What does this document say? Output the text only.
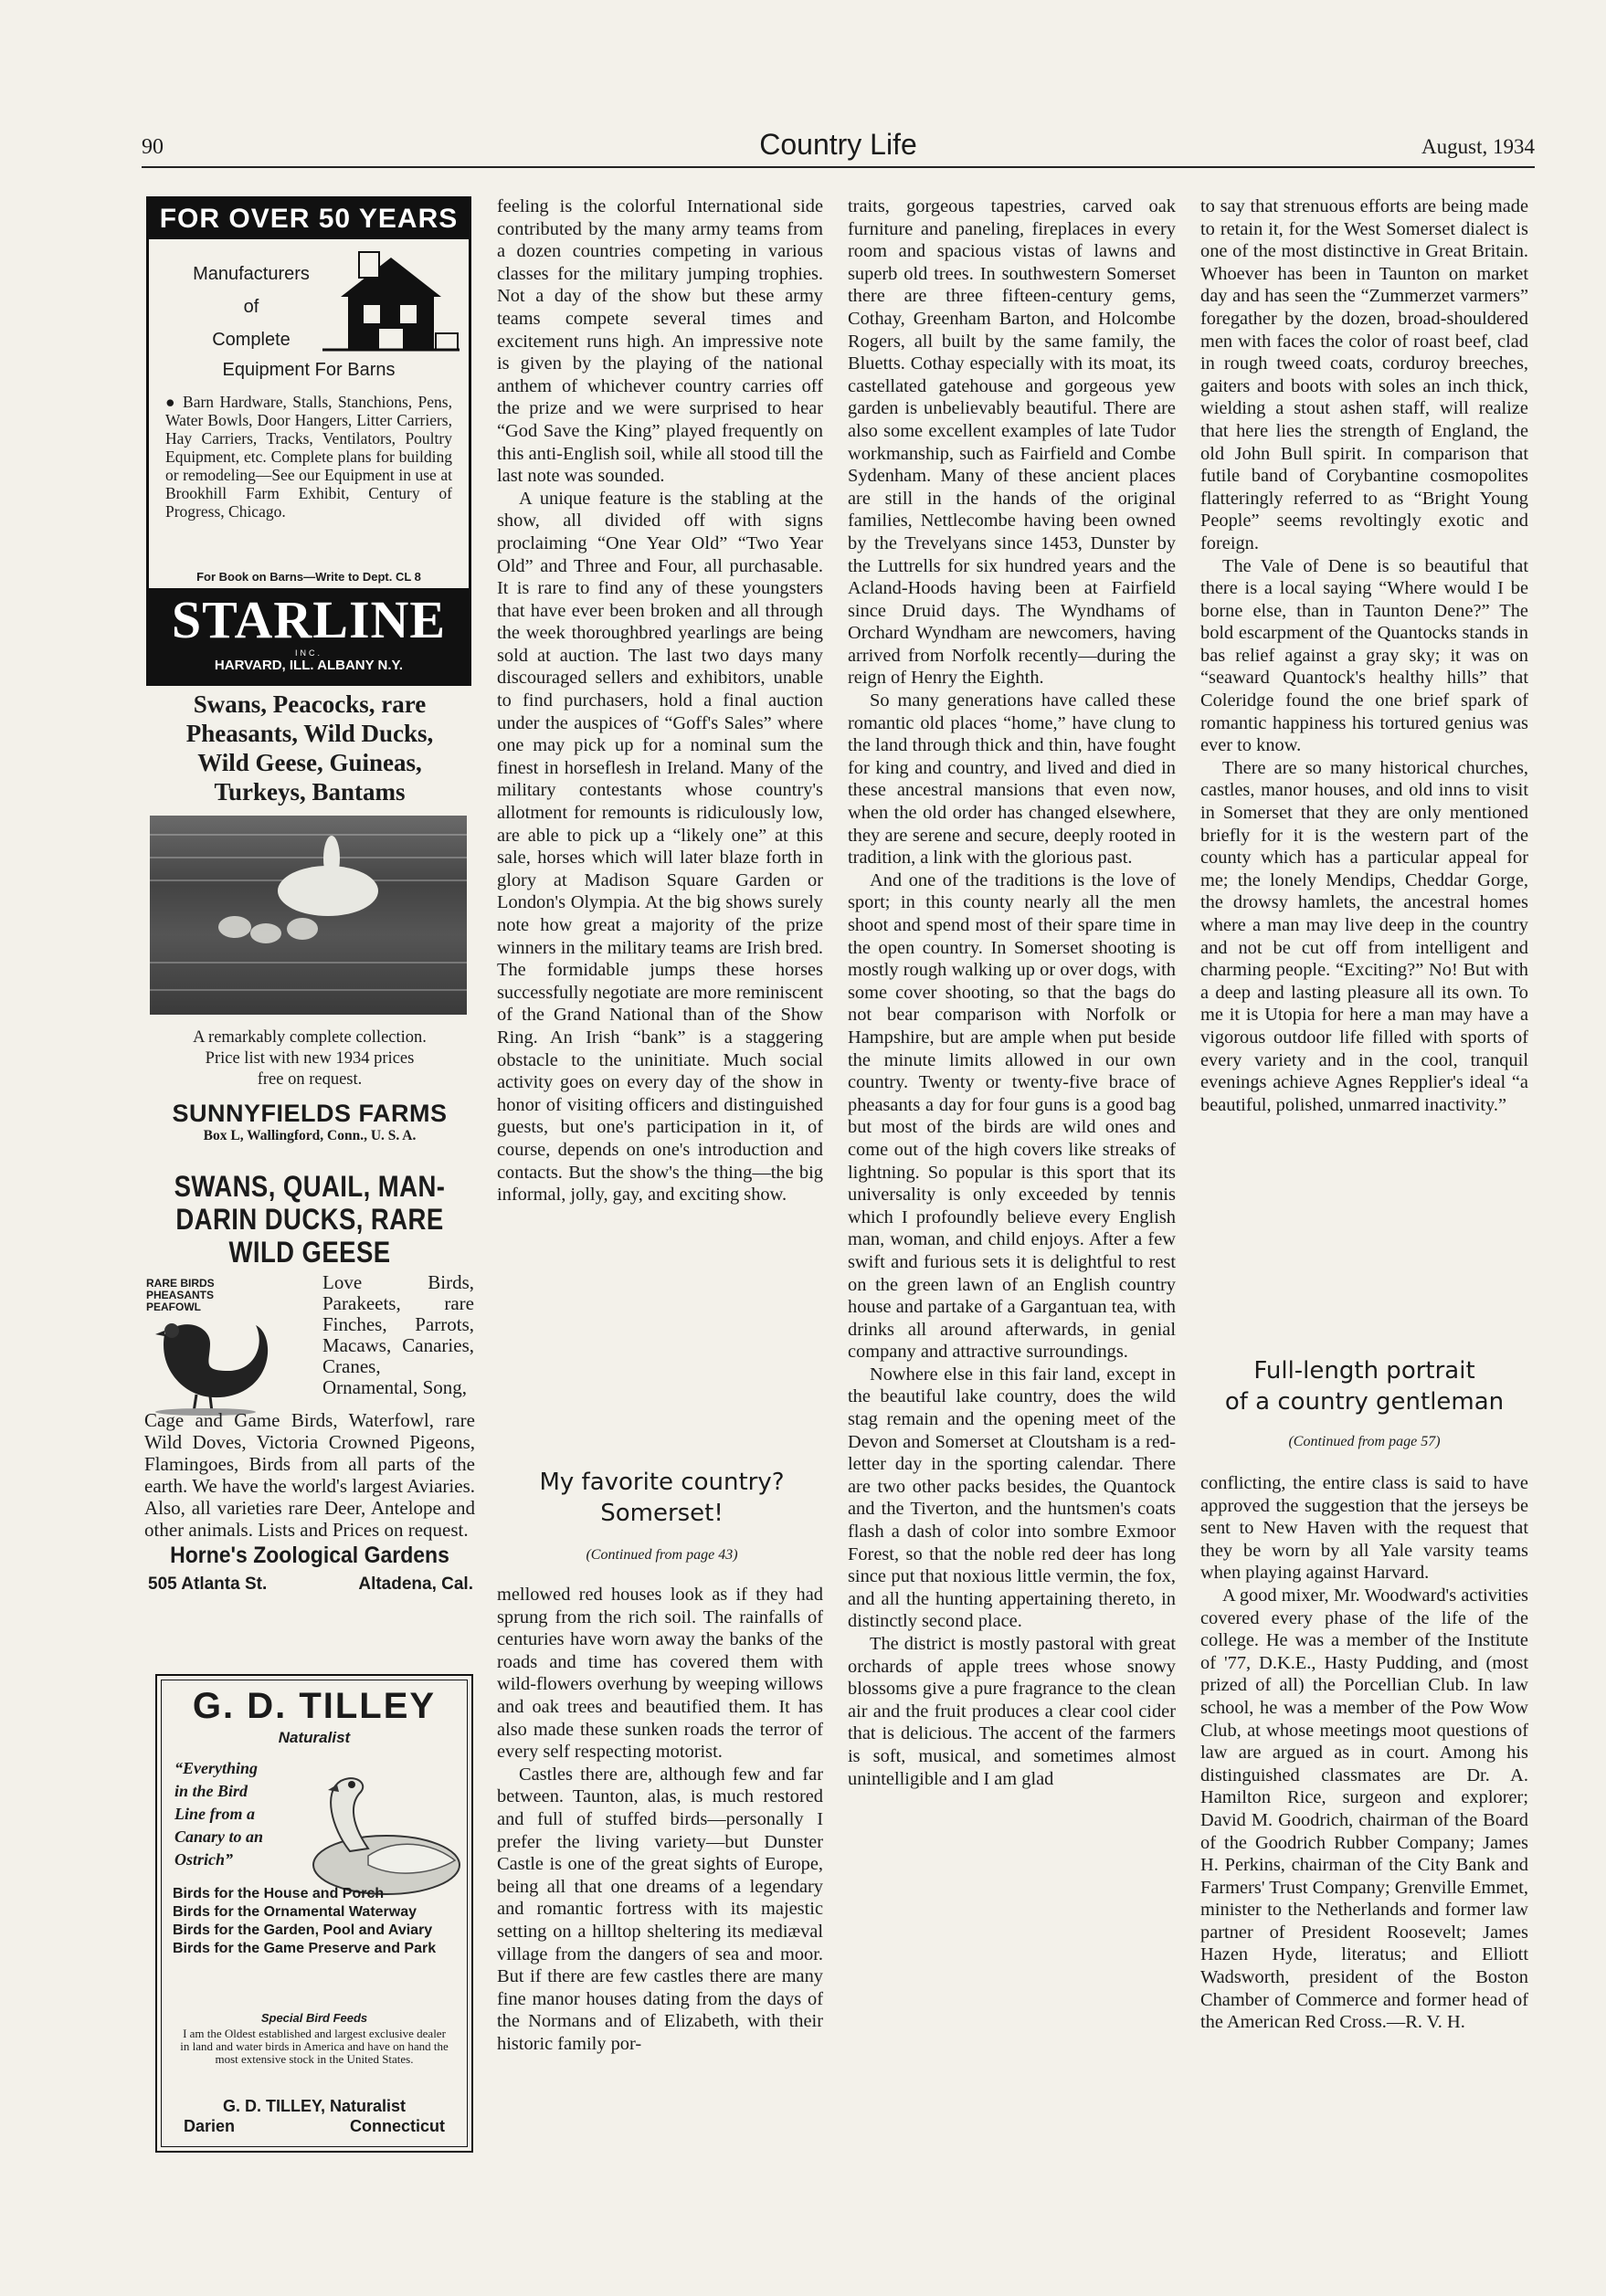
90	Country Life	August, 1934
FOR OVER 50 YEARS
Manufacturers
of
Complete
Equipment For Barns
● Barn Hardware, Stalls, Stanchions, Pens, Water Bowls, Door Hangers, Litter Carriers, Hay Carriers, Tracks, Ventilators, Poultry Equipment, etc. Complete plans for building or remodeling—See our Equipment in use at Brookhill Farm Exhibit, Century of Progress, Chicago.
For Book on Barns—Write to Dept. CL 8
STARLINE
INC.
HARVARD, ILL. ALBANY N.Y.
Swans, Peacocks, rare
Pheasants, Wild Ducks,
Wild Geese, Guineas,
Turkeys, Bantams
A remarkably complete collection.
Price list with new 1934 prices
free on request.
SUNNYFIELDS FARMS
Box L, Wallingford, Conn., U. S. A.
SWANS, QUAIL, MAN-
DARIN DUCKS, RARE
WILD GEESE
RARE BIRDS
PHEASANTS
PEAFOWL
Love Birds, Parakeets, rare Finches, Parrots, Macaws, Canaries, Cranes, Ornamental, Song,
Cage and Game Birds, Waterfowl, rare Wild Doves, Victoria Crowned Pigeons, Flamingoes, Birds from all parts of the earth. We have the world's largest Aviaries. Also, all varieties rare Deer, Antelope and other animals. Lists and Prices on request.
Horne's Zoological Gardens
505 Atlanta St.	Altadena, Cal.
G. D. TILLEY
Naturalist
“Everything
in the Bird
Line from a
Canary to an
Ostrich”
Birds for the House and Porch
Birds for the Ornamental Waterway
Birds for the Garden, Pool and Aviary
Birds for the Game Preserve and Park
Special Bird Feeds
I am the Oldest established and largest exclusive dealer in land and water birds in America and have on hand the most extensive stock in the United States.
G. D. TILLEY, Naturalist
Darien	Connecticut

feeling is the colorful International side contributed by the many army teams from a dozen countries competing in various classes for the military jumping trophies. Not a day of the show but these army teams compete several times and excitement runs high. An impressive note is given by the playing of the national anthem of whichever country carries off the prize and we were surprised to hear “God Save the King” played frequently on this anti-English soil, while all stood till the last note was sounded.

A unique feature is the stabling at the show, all divided off with signs proclaiming “One Year Old” “Two Year Old” and Three and Four, all purchasable. It is rare to find any of these youngsters that have ever been broken and all through the week thoroughbred yearlings are being sold at auction. The last two days many discouraged sellers and exhibitors, unable to find purchasers, hold a final auction under the auspices of “Goff's Sales” where one may pick up for a nominal sum the finest in horseflesh in Ireland. Many of the military contestants whose country's allotment for remounts is ridiculously low, are able to pick up a “likely one” at this sale, horses which will later blaze forth in glory at Madison Square Garden or London's Olympia. At the big shows surely note how great a majority of the prize winners in the military teams are Irish bred. The formidable jumps these horses successfully negotiate are more reminiscent of the Grand National than of the Show Ring. An Irish “bank” is a staggering obstacle to the uninitiate. Much social activity goes on every day of the show in honor of visiting officers and distinguished guests, but one's participation in it, of course, depends on one's introduction and contacts. But the show's the thing—the big informal, jolly, gay, and exciting show.

My favorite country?
Somerset!
(Continued from page 43)

mellowed red houses look as if they had sprung from the rich soil. The rainfalls of centuries have worn away the banks of the roads and time has covered them with wild-flowers overhung by weeping willows and oak trees and beautified them. It has also made these sunken roads the terror of every self respecting motorist.

Castles there are, although few and far between. Taunton, alas, is much restored and full of stuffed birds—personally I prefer the living variety—but Dunster Castle is one of the great sights of Europe, being all that one dreams of a legendary and romantic fortress with its majestic setting on a hilltop sheltering its mediæval village from the dangers of sea and moor. But if there are few castles there are many fine manor houses dating from the days of the Normans and of Elizabeth, with their historic family por-

traits, gorgeous tapestries, carved oak furniture and paneling, fireplaces in every room and spacious vistas of lawns and superb old trees. In southwestern Somerset there are three fifteen-century gems, Cothay, Greenham Barton, and Holcombe Rogers, all built by the same family, the Bluetts. Cothay especially with its moat, its castellated gatehouse and gorgeous yew garden is unbelievably beautiful. There are also some excellent examples of late Tudor workmanship, such as Fairfield and Combe Sydenham. Many of these ancient places are still in the hands of the original families, Nettlecombe having been owned by the Trevelyans since 1453, Dunster by the Luttrells for six hundred years and the Acland-Hoods having been at Fairfield since Druid days. The Wyndhams of Orchard Wyndham are newcomers, having arrived from Norfolk recently—during the reign of Henry the Eighth.

So many generations have called these romantic old places “home,” have clung to the land through thick and thin, have fought for king and country, and lived and died in these ancestral mansions that even now, when the old order has changed elsewhere, they are serene and secure, deeply rooted in tradition, a link with the glorious past.

And one of the traditions is the love of sport; in this county nearly all the men shoot and spend most of their spare time in the open country. In Somerset shooting is mostly rough walking up or over dogs, with some cover shooting, so that the bags do not bear comparison with Norfolk or Hampshire, but are ample when put beside the minute limits allowed in our own country. Twenty or twenty-five brace of pheasants a day for four guns is a good bag but most of the birds are wild ones and come out of the high covers like streaks of lightning. So popular is this sport that its universality is only exceeded by tennis which I profoundly believe every English man, woman, and child enjoys. After a few swift and furious sets it is delightful to rest on the green lawn of an English country house and partake of a Gargantuan tea, with drinks all around afterwards, in genial company and attractive surroundings.

Nowhere else in this fair land, except in the beautiful lake country, does the wild stag remain and the opening meet of the Devon and Somerset at Cloutsham is a red-letter day in the sporting calendar. There are two other packs besides, the Quantock and the Tiverton, and the huntsmen's coats flash a dash of color into sombre Exmoor Forest, so that the noble red deer has long since put that noxious little vermin, the fox, and all the hunting appertaining thereto, in distinctly second place.

The district is mostly pastoral with great orchards of apple trees whose snowy blossoms give a pure fragrance to the clean air and the fruit produces a clear cool cider that is delicious. The accent of the farmers is soft, musical, and sometimes almost unintelligible and I am glad

to say that strenuous efforts are being made to retain it, for the West Somerset dialect is one of the most distinctive in Great Britain. Whoever has been in Taunton on market day and has seen the “Zummerzet varmers” foregather by the dozen, broad-shouldered men with faces the color of roast beef, clad in rough tweed coats, corduroy breeches, gaiters and boots with soles an inch thick, wielding a stout ashen staff, will realize that here lies the strength of England, the old John Bull spirit. In comparison that futile band of Corybantine cosmopolites flatteringly referred to as “Bright Young People” seems revoltingly exotic and foreign.

The Vale of Dene is so beautiful that there is a local saying “Where would I be borne else, than in Taunton Dene?” The bold escarpment of the Quantocks stands in bas relief against a gray sky; it was on “seaward Quantock's healthy hills” that Coleridge found the one brief spark of romantic happiness his tortured genius was ever to know.

There are so many historical churches, castles, manor houses, and old inns to visit in Somerset that they are only mentioned briefly for it is the western part of the county which has a particular appeal for me; the lonely Mendips, Cheddar Gorge, the drowsy hamlets, the ancestral homes where a man may live deep in the country and not be cut off from intelligent and charming people. “Exciting?” No! But with a deep and lasting pleasure all its own. To me it is Utopia for here a man may have a vigorous outdoor life filled with sports of every variety and in the cool, tranquil evenings achieve Agnes Repplier's ideal “a beautiful, polished, unmarred inactivity.”

Full-length portrait
of a country gentleman
(Continued from page 57)

conflicting, the entire class is said to have approved the suggestion that the jerseys be sent to New Haven with the request that they be worn by all Yale varsity teams when playing against Harvard.

A good mixer, Mr. Woodward's activities covered every phase of the life of the college. He was a member of the Institute of '77, D.K.E., Hasty Pudding, and (most prized of all) the Porcellian Club. In law school, he was a member of the Pow Wow Club, at whose meetings moot questions of law are argued as in court. Among his distinguished classmates are Dr. A. Hamilton Rice, surgeon and explorer; David M. Goodrich, chairman of the Board of the Goodrich Rubber Company; James H. Perkins, chairman of the City Bank and Farmers' Trust Company; Grenville Emmet, minister to the Netherlands and former law partner of President Roosevelt; James Hazen Hyde, literatus; and Elliott Wadsworth, president of the Boston Chamber of Commerce and former head of the American Red Cross.—R. V. H.
